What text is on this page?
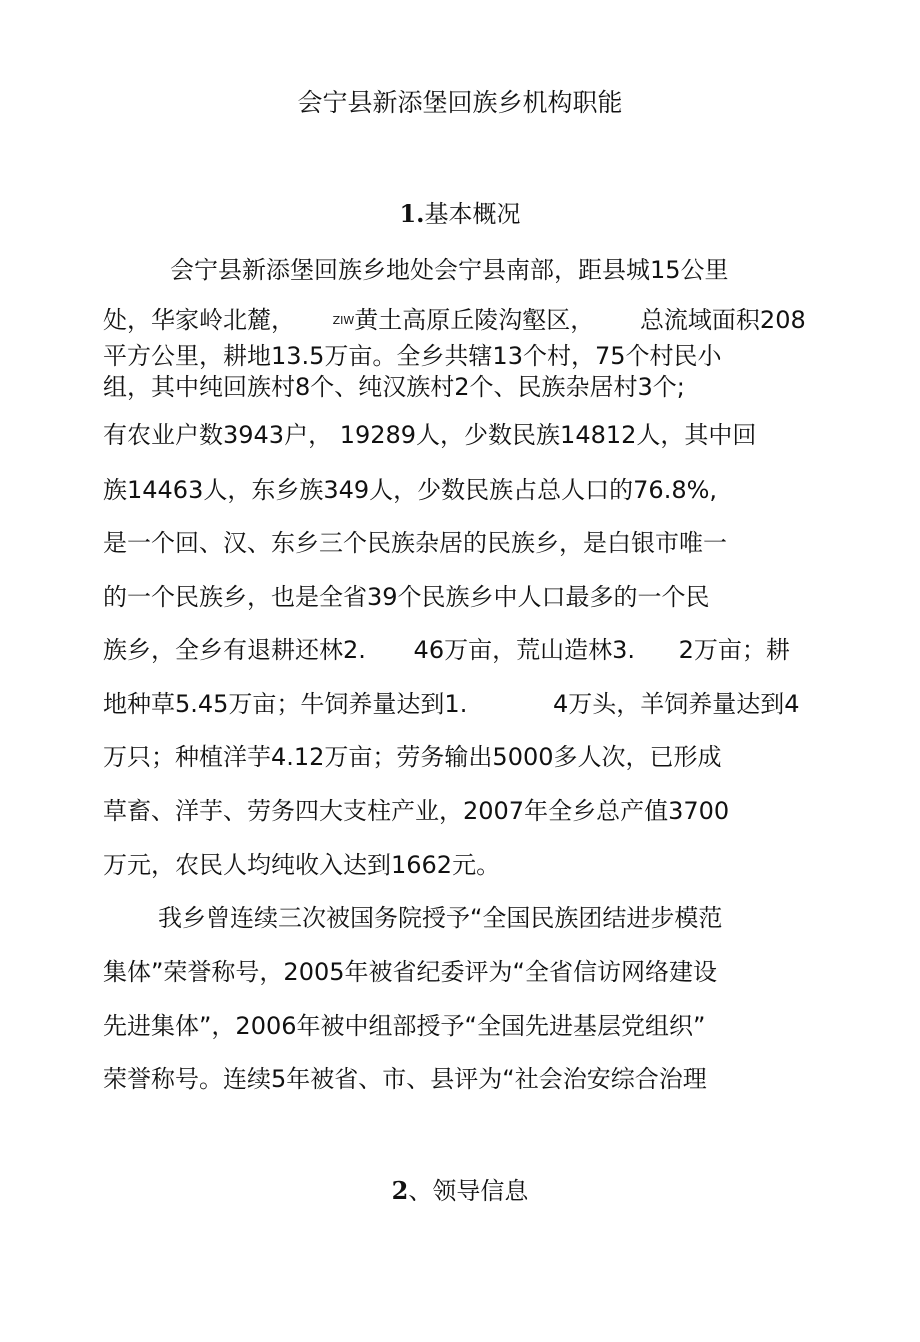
会宁县新添堡回族乡机构职能
1.基本概况
会宁县新添堡回族乡地处会宁县南部，距县城15公里
处，华家岭北麓，	ZIW黄土高原丘陵沟壑区， 总流域面积208
平方公里，耕地13.5万亩。全乡共辖13个村，75个村民小
组，其中纯回族村8个、纯汉族村2个、民族杂居村3个;
有农业户数3943户， 19289人，少数民族14812人，其中回
族14463人，东乡族349人，少数民族占总人口的76.8%,
是一个回、汉、东乡三个民族杂居的民族乡，是白银市唯一
的一个民族乡，也是全省39个民族乡中人口最多的一个民
族乡，全乡有退耕还林2. 46万亩，荒山造林3. 2万亩；耕
地种草5.45万亩；牛饲养量达到1.	4万头，羊饲养量达到4
万只；种植洋芋4.12万亩；劳务输出5000多人次，已形成
草畜、洋芋、劳务四大支柱产业，2007年全乡总产值3700
万元，农民人均纯收入达到1662元。
我乡曾连续三次被国务院授予“全国民族团结进步模范
集体”荣誉称号，2005年被省纪委评为“全省信访网络建设
先进集体”，2006年被中组部授予“全国先进基层党组织”
荣誉称号。连续5年被省、市、县评为“社会治安综合治理
2、领导信息
